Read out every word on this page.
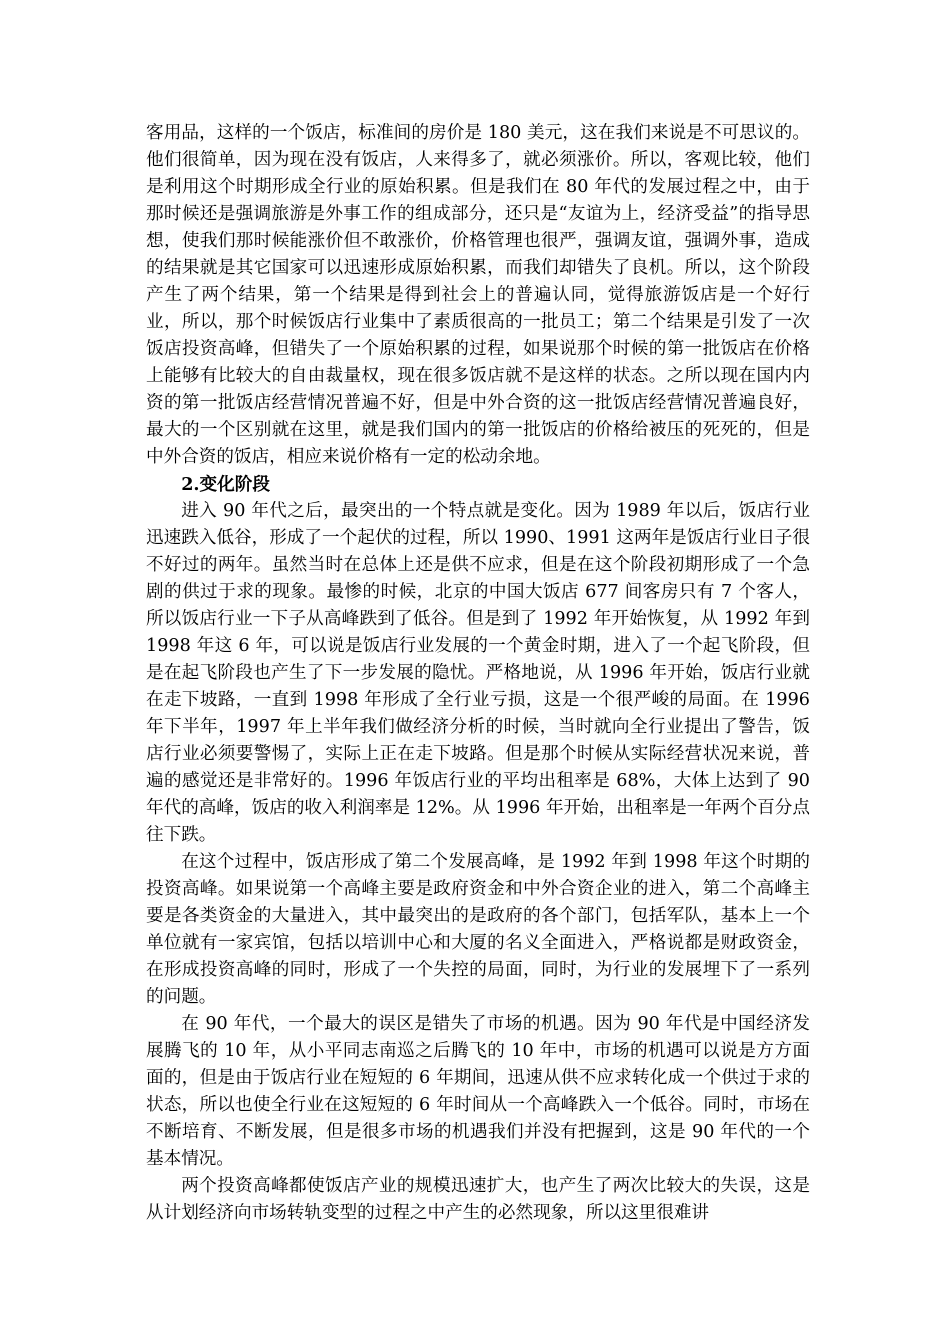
客用品，这样的一个饭店，标准间的房价是 180 美元，这在我们来说是不可思议的。他们很简单，因为现在没有饭店，人来得多了，就必须涨价。所以，客观比较，他们是利用这个时期形成全行业的原始积累。但是我们在 80 年代的发展过程之中，由于那时候还是强调旅游是外事工作的组成部分，还只是“友谊为上，经济受益”的指导思想，使我们那时候能涨价但不敢涨价，价格管理也很严，强调友谊，强调外事，造成的结果就是其它国家可以迅速形成原始积累，而我们却错失了良机。所以，这个阶段产生了两个结果，第一个结果是得到社会上的普遍认同，觉得旅游饭店是一个好行业，所以，那个时候饭店行业集中了素质很高的一批员工；第二个结果是引发了一次饭店投资高峰，但错失了一个原始积累的过程，如果说那个时候的第一批饭店在价格上能够有比较大的自由裁量权，现在很多饭店就不是这样的状态。之所以现在国内内资的第一批饭店经营情况普遍不好，但是中外合资的这一批饭店经营情况普遍良好，最大的一个区别就在这里，就是我们国内的第一批饭店的价格给被压的死死的，但是中外合资的饭店，相应来说价格有一定的松动余地。

2.变化阶段

进入 90 年代之后，最突出的一个特点就是变化。因为 1989 年以后，饭店行业迅速跌入低谷，形成了一个起伏的过程，所以 1990、1991 这两年是饭店行业日子很不好过的两年。虽然当时在总体上还是供不应求，但是在这个阶段初期形成了一个急剧的供过于求的现象。最惨的时候，北京的中国大饭店 677 间客房只有 7 个客人，所以饭店行业一下子从高峰跌到了低谷。但是到了 1992 年开始恢复，从 1992 年到 1998 年这 6 年，可以说是饭店行业发展的一个黄金时期，进入了一个起飞阶段，但是在起飞阶段也产生了下一步发展的隐忧。严格地说，从 1996 年开始，饭店行业就在走下坡路，一直到 1998 年形成了全行业亏损，这是一个很严峻的局面。在 1996 年下半年，1997 年上半年我们做经济分析的时候，当时就向全行业提出了警告，饭店行业必须要警惕了，实际上正在走下坡路。但是那个时候从实际经营状况来说，普遍的感觉还是非常好的。1996 年饭店行业的平均出租率是 68%，大体上达到了 90 年代的高峰，饭店的收入利润率是 12%。从 1996 年开始，出租率是一年两个百分点往下跌。

在这个过程中，饭店形成了第二个发展高峰，是 1992 年到 1998 年这个时期的投资高峰。如果说第一个高峰主要是政府资金和中外合资企业的进入，第二个高峰主要是各类资金的大量进入，其中最突出的是政府的各个部门，包括军队，基本上一个单位就有一家宾馆，包括以培训中心和大厦的名义全面进入，严格说都是财政资金，在形成投资高峰的同时，形成了一个失控的局面，同时，为行业的发展埋下了一系列的问题。

在 90 年代，一个最大的误区是错失了市场的机遇。因为 90 年代是中国经济发展腾飞的 10 年，从小平同志南巡之后腾飞的 10 年中，市场的机遇可以说是方方面面的，但是由于饭店行业在短短的 6 年期间，迅速从供不应求转化成一个供过于求的状态，所以也使全行业在这短短的 6 年时间从一个高峰跌入一个低谷。同时，市场在不断培育、不断发展，但是很多市场的机遇我们并没有把握到，这是 90 年代的一个基本情况。

两个投资高峰都使饭店产业的规模迅速扩大，也产生了两次比较大的失误，这是从计划经济向市场转轨变型的过程之中产生的必然现象，所以这里很难讲
